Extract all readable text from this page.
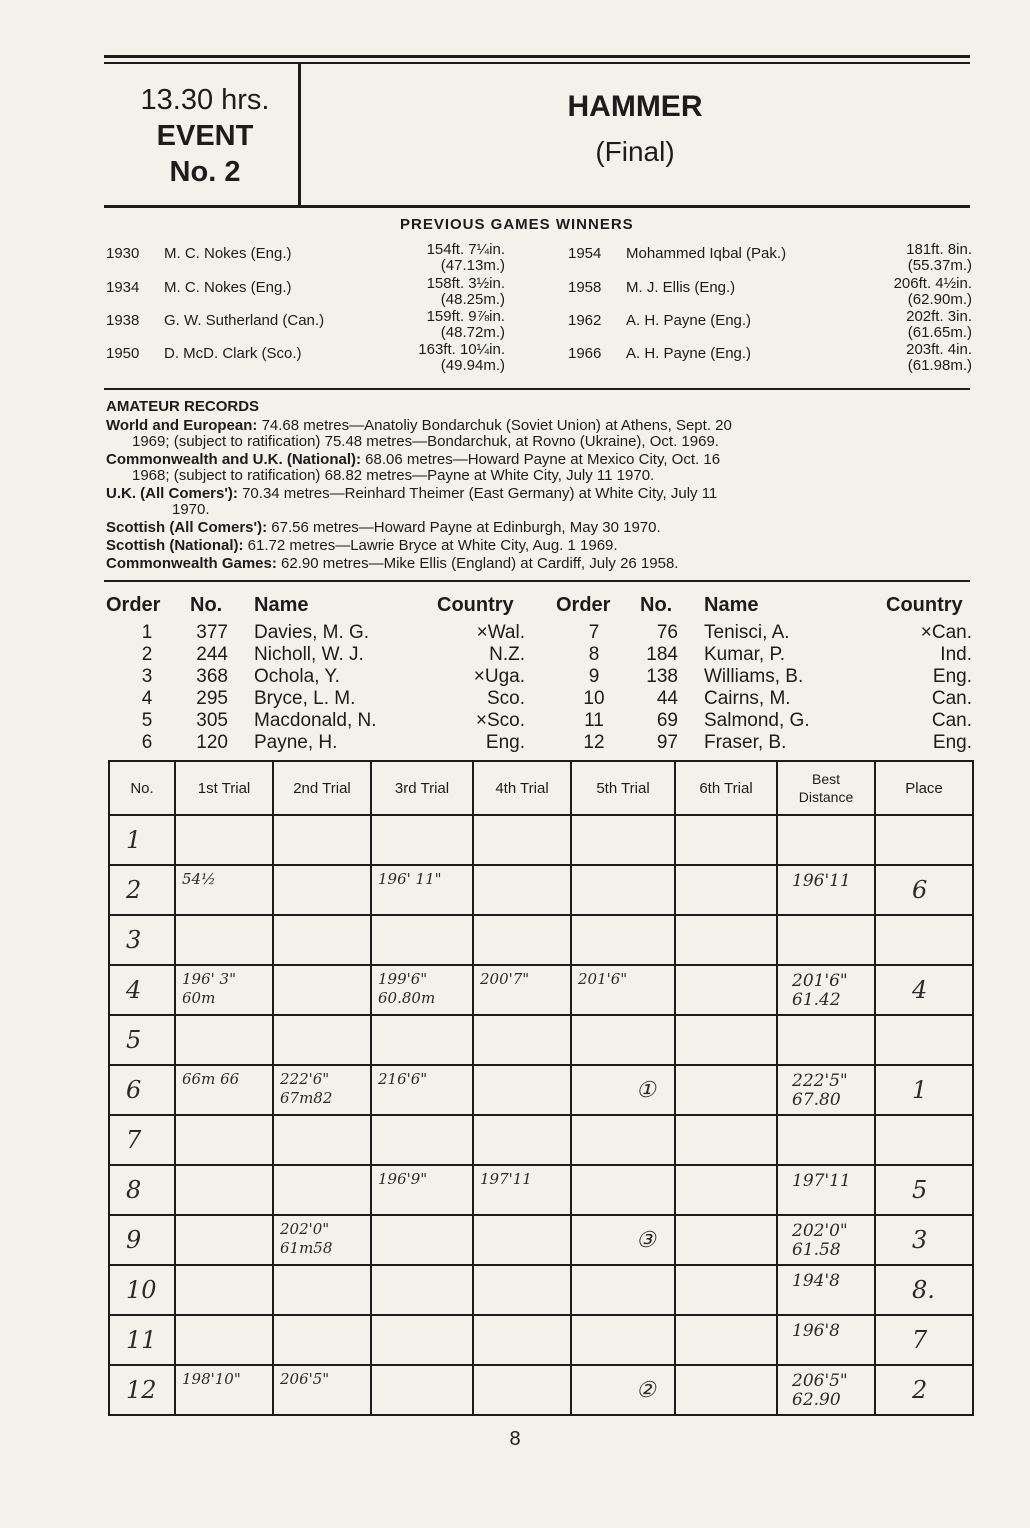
13.30 hrs.
EVENT
No. 2
HAMMER
(Final)
PREVIOUS GAMES WINNERS
1930 M. C. Nokes (Eng.)	154ft. 7¼in.
(47.13m.)
1934 M. C. Nokes (Eng.)	158ft. 3½in.
(48.25m.)
1938 G. W. Sutherland (Can.)	159ft. 9⅞in.
(48.72m.)
1950 D. McD. Clark (Sco.)	163ft. 10¼in.
(49.94m.)
1954 Mohammed Iqbal (Pak.)	181ft. 8in.
(55.37m.)
1958 M. J. Ellis (Eng.)	206ft. 4½in.
(62.90m.)
1962 A. H. Payne (Eng.)	202ft. 3in.
(61.65m.)
1966 A. H. Payne (Eng.)	203ft. 4in.
(61.98m.)
AMATEUR RECORDS
World and European: 74.68 metres—Anatoliy Bondarchuk (Soviet Union) at Athens, Sept. 20
1969; (subject to ratification) 75.48 metres—Bondarchuk, at Rovno (Ukraine), Oct. 1969.
Commonwealth and U.K. (National): 68.06 metres—Howard Payne at Mexico City, Oct. 16
1968; (subject to ratification) 68.82 metres—Payne at White City, July 11 1970.
U.K. (All Comers'): 70.34 metres—Reinhard Theimer (East Germany) at White City, July 11
1970.
Scottish (All Comers'): 67.56 metres—Howard Payne at Edinburgh, May 30 1970.
Scottish (National): 61.72 metres—Lawrie Bryce at White City, Aug. 1 1969.
Commonwealth Games: 62.90 metres—Mike Ellis (England) at Cardiff, July 26 1958.
Order No. Name	Country Order No. Name	Country
1	377 Davies, M. G.	×Wal.
2	244 Nicholl, W. J.	N.Z.
3	368 Ochola, Y.	×Uga.
4	295 Bryce, L. M.	Sco.
5	305 Macdonald, N.	×Sco.
6	120 Payne, H.	Eng.
7	76 Tenisci, A.	×Can.
8	184 Kumar, P.	Ind.
9	138 Williams, B.	Eng.
10	44 Cairns, M.	Can.
11	69 Salmond, G.	Can.
12	97 Fraser, B.	Eng.
No.	1st Trial	2nd Trial	3rd Trial	4th Trial	5th Trial	6th Trial	Best Distance	Place

1								

2	54½		196' 11"				196'11	6

3								

4	196' 3" 60m		199'6" 60.80m	200'7"	201'6"		201'6" 61.42	4

5								

6	66m 66	222'6" 67m82	216'6"		①		222'5" 67.80	1

7								

8			196'9"	197'11			197'11	5

9		202'0" 61m58			③		202'0" 61.58	3

10							194'8	8.

11							196'8	7

12	198'10"	206'5"			②		206'5" 62.90	2
8
